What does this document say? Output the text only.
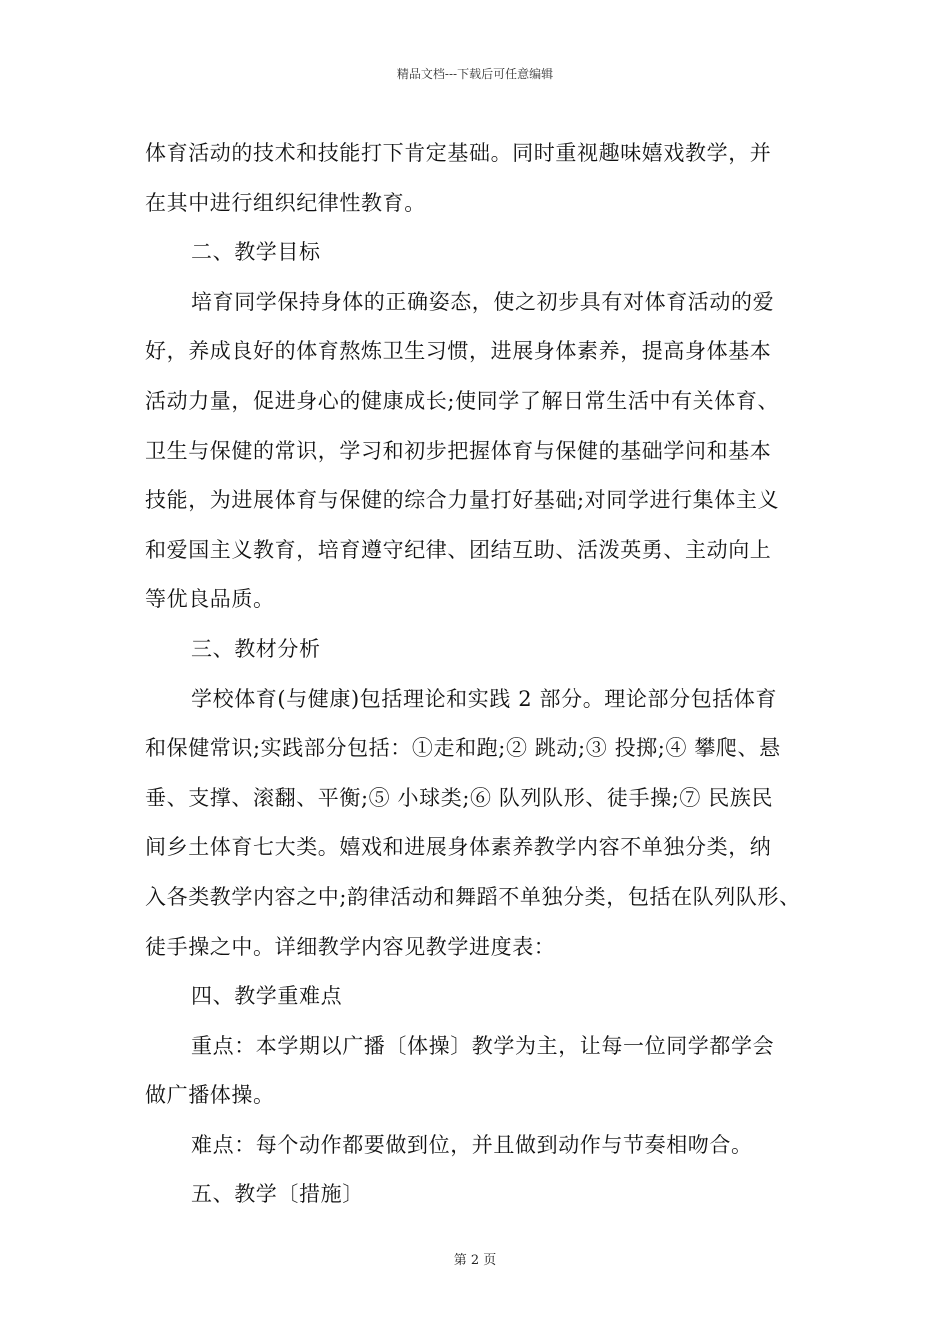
精品文档---下载后可任意编辑
体育活动的技术和技能打下肯定基础。同时重视趣味嬉戏教学，并
在其中进行组织纪律性教育。
二、教学目标
培育同学保持身体的正确姿态，使之初步具有对体育活动的爱
好，养成良好的体育熬炼卫生习惯，进展身体素养，提高身体基本
活动力量，促进身心的健康成长;使同学了解日常生活中有关体育、
卫生与保健的常识，学习和初步把握体育与保健的基础学问和基本
技能，为进展体育与保健的综合力量打好基础;对同学进行集体主义
和爱国主义教育，培育遵守纪律、团结互助、活泼英勇、主动向上
等优良品质。
三、教材分析
学校体育(与健康)包括理论和实践 2 部分。理论部分包括体育
和保健常识;实践部分包括：①走和跑;② 跳动;③ 投掷;④ 攀爬、悬
垂、支撑、滚翻、平衡;⑤ 小球类;⑥ 队列队形、徒手操;⑦ 民族民
间乡土体育七大类。嬉戏和进展身体素养教学内容不单独分类，纳
入各类教学内容之中;韵律活动和舞蹈不单独分类，包括在队列队形、
徒手操之中。详细教学内容见教学进度表：
四、教学重难点
重点：本学期以广播〔体操〕教学为主，让每一位同学都学会
做广播体操。
难点：每个动作都要做到位，并且做到动作与节奏相吻合。
五、教学〔措施〕
第 2 页
